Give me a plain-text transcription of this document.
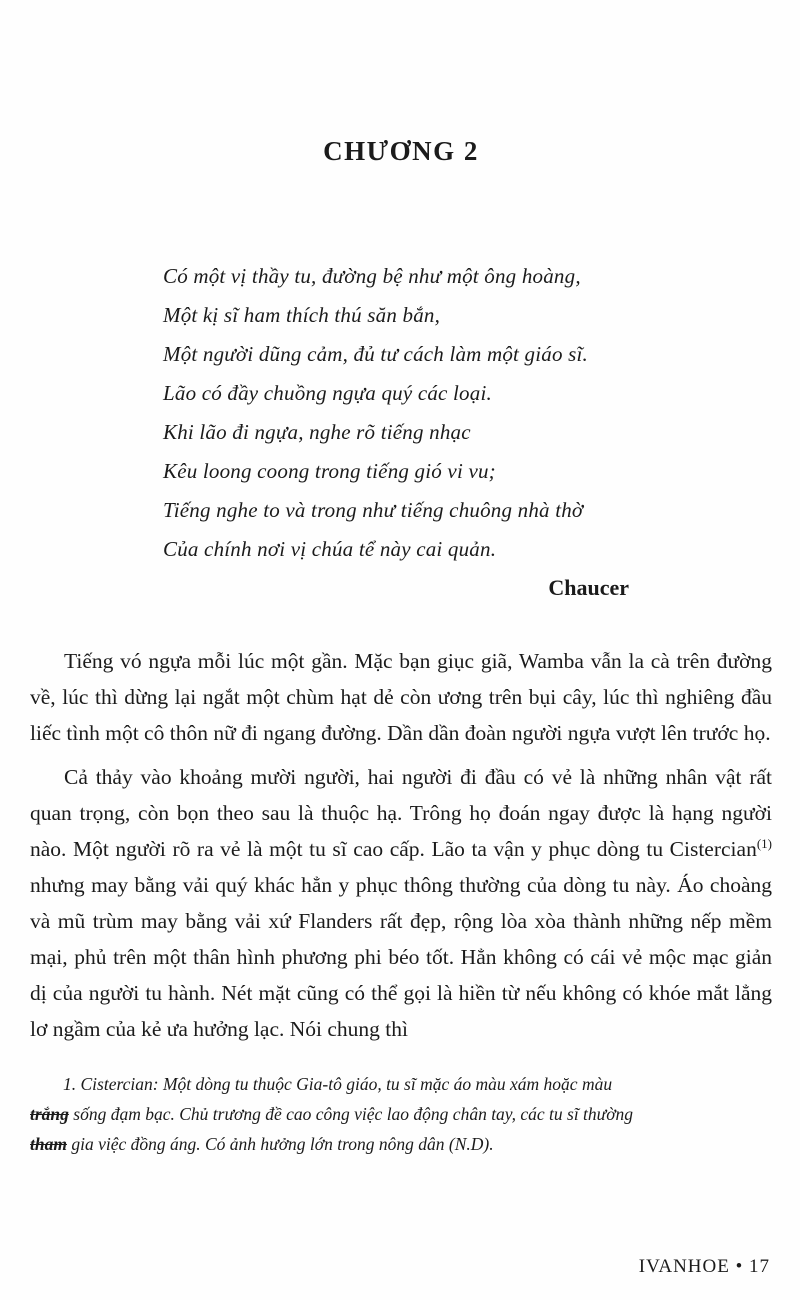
CHƯƠNG 2
Có một vị thầy tu, đường bệ như một ông hoàng,
Một kị sĩ ham thích thú săn bắn,
Một người dũng cảm, đủ tư cách làm một giáo sĩ.
Lão có đầy chuồng ngựa quý các loại.
Khi lão đi ngựa, nghe rõ tiếng nhạc
Kêu loong coong trong tiếng gió vi vu;
Tiếng nghe to và trong như tiếng chuông nhà thờ
Của chính nơi vị chúa tể này cai quản.
Chaucer

Tiếng vó ngựa mỗi lúc một gần. Mặc bạn giục giã, Wamba vẫn la cà trên đường về, lúc thì dừng lại ngắt một chùm hạt dẻ còn ương trên bụi cây, lúc thì nghiêng đầu liếc tình một cô thôn nữ đi ngang đường. Dần dần đoàn người ngựa vượt lên trước họ.

Cả thảy vào khoảng mười người, hai người đi đầu có vẻ là những nhân vật rất quan trọng, còn bọn theo sau là thuộc hạ. Trông họ đoán ngay được là hạng người nào. Một người rõ ra vẻ là một tu sĩ cao cấp. Lão ta vận y phục dòng tu Cistercian$^{(1)}$ nhưng may bằng vải quý khác hẳn y phục thông thường của dòng tu này. Áo choàng và mũ trùm may bằng vải xứ Flanders rất đẹp, rộng lòa xòa thành những nếp mềm mại, phủ trên một thân hình phương phi béo tốt. Hẳn không có cái vẻ mộc mạc giản dị của người tu hành. Nét mặt cũng có thể gọi là hiền từ nếu không có khóe mắt lẳng lơ ngầm của kẻ ưa hưởng lạc. Nói chung thì

1. Cistercian: Một dòng tu thuộc Gia-tô giáo, tu sĩ mặc áo màu xám hoặc màu
trắng sống đạm bạc. Chủ trương đề cao công việc lao động chân tay, các tu sĩ thường
tham gia việc đồng áng. Có ảnh hưởng lớn trong nông dân (N.D).
IVANHOE • 17
